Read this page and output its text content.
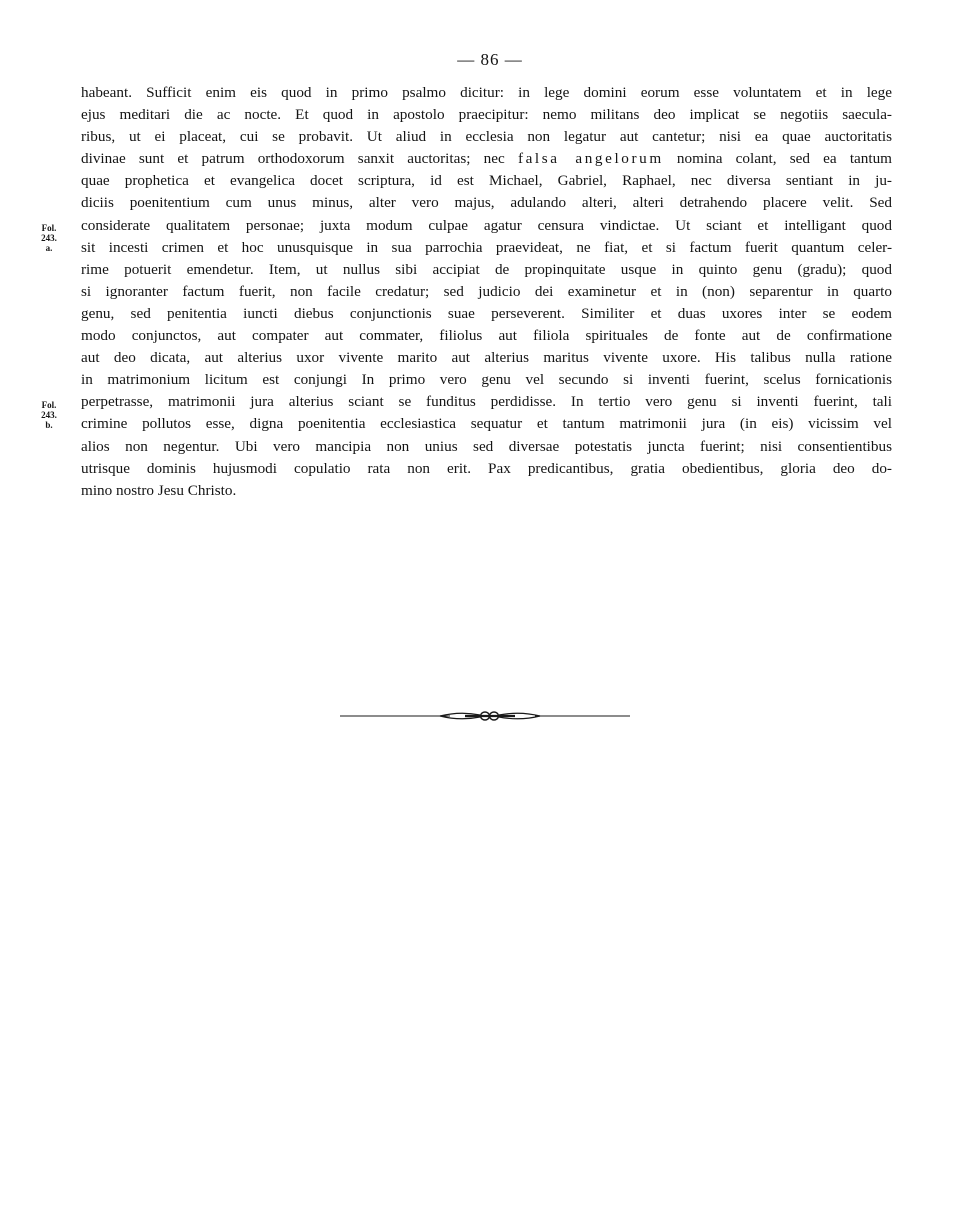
— 86 —
Fol. 243.
a.
Fol. 243.
b.
habeant. Sufficit enim eis quod in primo psalmo dicitur: in lege domini eorum esse voluntatem et in lege
ejus meditari die ac nocte. Et quod in apostolo praecipitur: nemo militans deo implicat se negotiis saecula-
ribus, ut ei placeat, cui se probavit. Ut aliud in ecclesia non legatur aut cantetur; nisi ea quae auctoritatis
divinae sunt et patrum orthodoxorum sanxit auctoritas; nec falsa angelorum nomina colant, sed ea tantum
quae prophetica et evangelica docet scriptura, id est Michael, Gabriel, Raphael, nec diversa sentiant in ju-
diciis poenitentium cum unus minus, alter vero majus, adulando alteri, alteri detrahendo placere velit. Sed
considerate qualitatem personae; juxta modum culpae agatur censura vindictae. Ut sciant et intelligant quod
sit incesti crimen et hoc unusquisque in sua parrochia praevideat, ne fiat, et si factum fuerit quantum celer-
rime potuerit emendetur. Item, ut nullus sibi accipiat de propinquitate usque in quinto genu (gradu); quod
si ignoranter factum fuerit, non facile credatur; sed judicio dei examinetur et in (non) separentur in quarto
genu, sed penitentia iuncti diebus conjunctionis suae perseverent. Similiter et duas uxores inter se eodem
modo conjunctos, aut compater aut commater, filiolus aut filiola spirituales de fonte aut de confirmatione
aut deo dicata, aut alterius uxor vivente marito aut alterius maritus vivente uxore. His talibus nulla ratione
in matrimonium licitum est conjungi In primo vero genu vel secundo si inventi fuerint, scelus fornicationis
perpetrasse, matrimonii jura alterius sciant se funditus perdidisse. In tertio vero genu si inventi fuerint, tali
crimine pollutos esse, digna poenitentia ecclesiastica sequatur et tantum matrimonii jura (in eis) vicissim vel
alios non negentur. Ubi vero mancipia non unius sed diversae potestatis juncta fuerint; nisi consentientibus
utrisque dominis hujusmodi copulatio rata non erit. Pax predicantibus, gratia obedientibus, gloria deo do-
mino nostro Jesu Christo.
